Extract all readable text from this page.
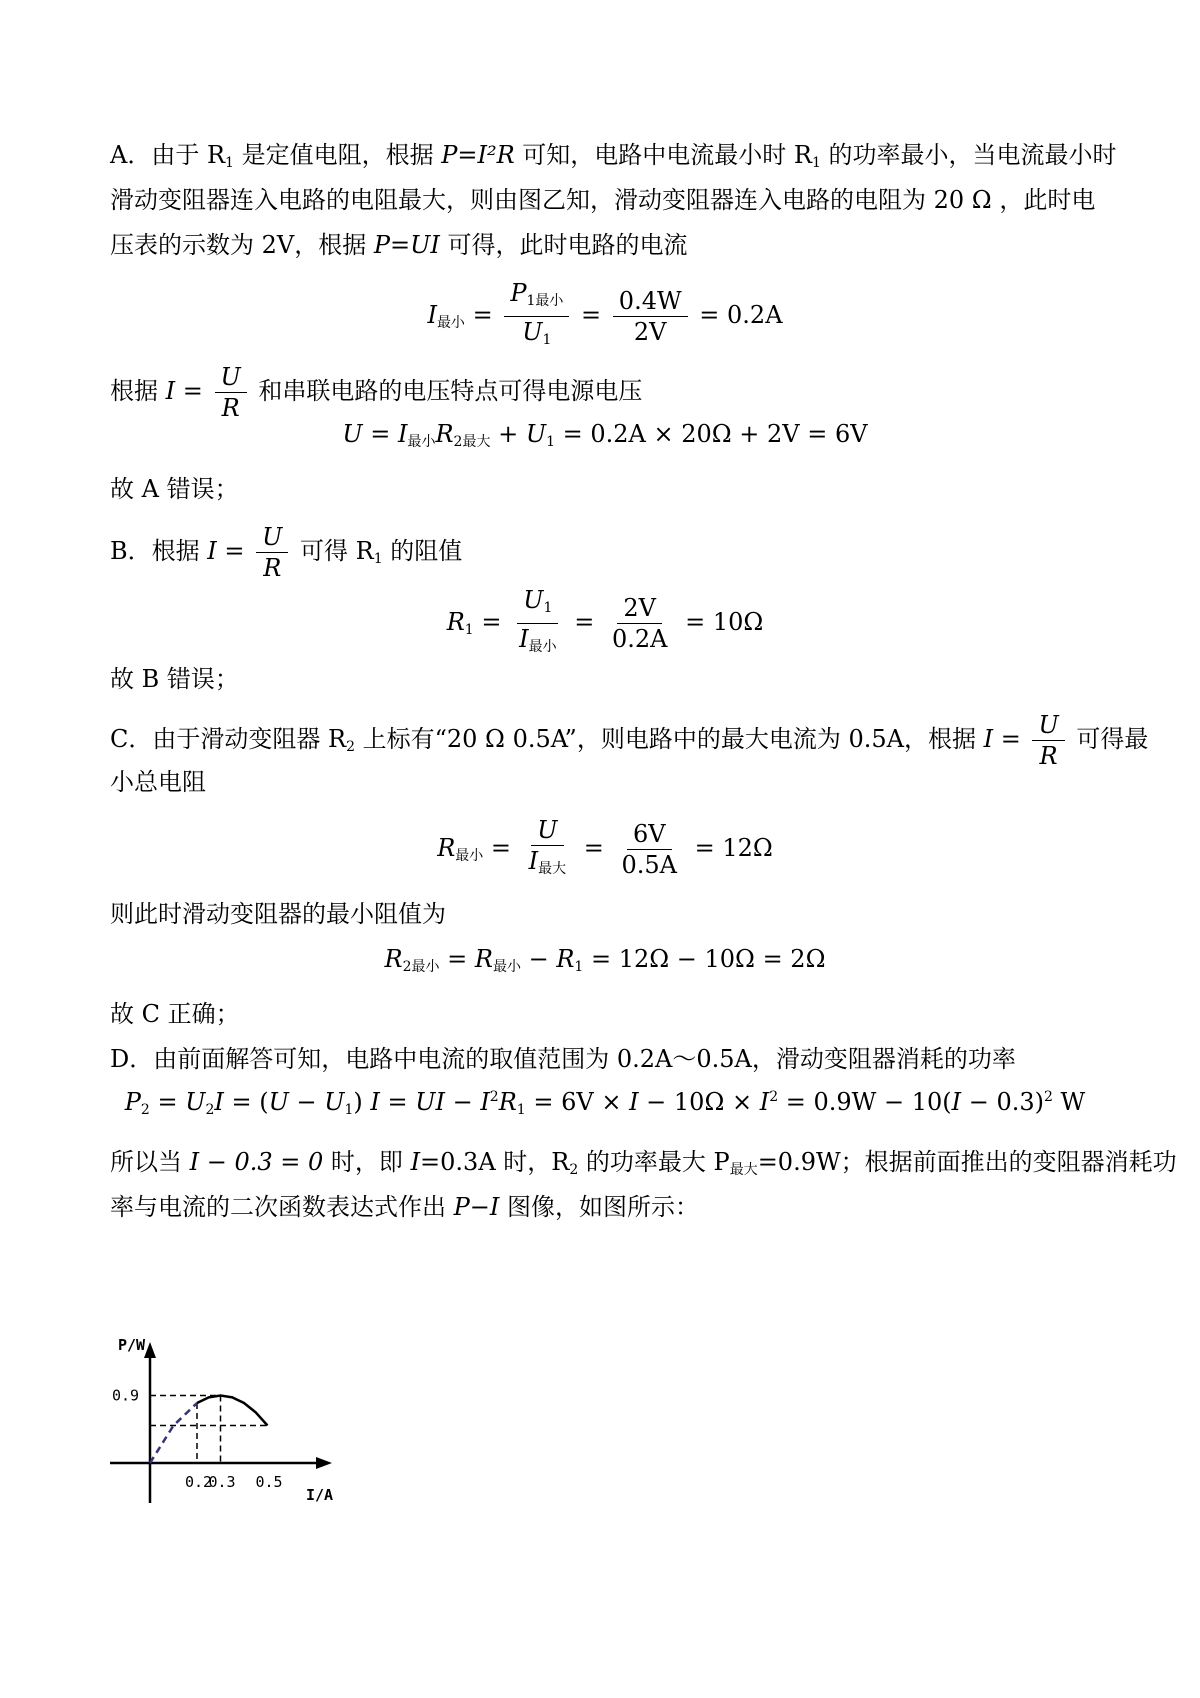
A．由于 $R_1$ 是定值电阻，根据 P=I²R 可知，电路中电流最小时 $R_1$ 的功率最小，当电流最小时
滑动变阻器连入电路的电阻最大，则由图乙知，滑动变阻器连入电路的电阻为 20 Ω ，此时电
压表的示数为 2V，根据 P=UI 可得，此时电路的电流
$I_{最小} = \frac{P_{1最小}}{U_1} = \frac{0.4W}{2V} = 0.2A$
根据 $I = \frac{U}{R}$ 和串联电路的电压特点可得电源电压
$U = I_{最小}R_{2最大} + U_1 = 0.2A \times 20\Omega + 2V = 6V$
故 A 错误；
B．根据 $I = \frac{U}{R}$ 可得 $R_1$ 的阻值
$R_1 = \frac{U_1}{I_{最小}} = \frac{2V}{0.2A} = 10\Omega$
故 B 错误；
C．由于滑动变阻器 $R_2$ 上标有“20 Ω 0.5A”，则电路中的最大电流为 0.5A，根据 $I = \frac{U}{R}$ 可得最
小总电阻
$R_{最小} = \frac{U}{I_{最大}} = \frac{6V}{0.5A} = 12\Omega$
则此时滑动变阻器的最小阻值为
$R_{2最小} = R_{最小} - R_1 = 12\Omega - 10\Omega = 2\Omega$
故 C 正确；
D．由前面解答可知，电路中电流的取值范围为 0.2A～0.5A，滑动变阻器消耗的功率
$P_2 = U_2I = (U - U_1) I$ = UI − $I^2R_1 = 6V \times I - 10\Omega \times I^2 = 0.9W - 10(I - 0.3)^2$ W
所以当 I − 0.3 = 0 时，即 I=0.3A 时，$R_2$ 的功率最大 $P_{最大}=0.9W$；根据前面推出的变阻器消耗功
率与电流的二次函数表达式作出 P−I 图像，如图所示：
P/W
I/A
0.2
0.3 0.5
0.9
